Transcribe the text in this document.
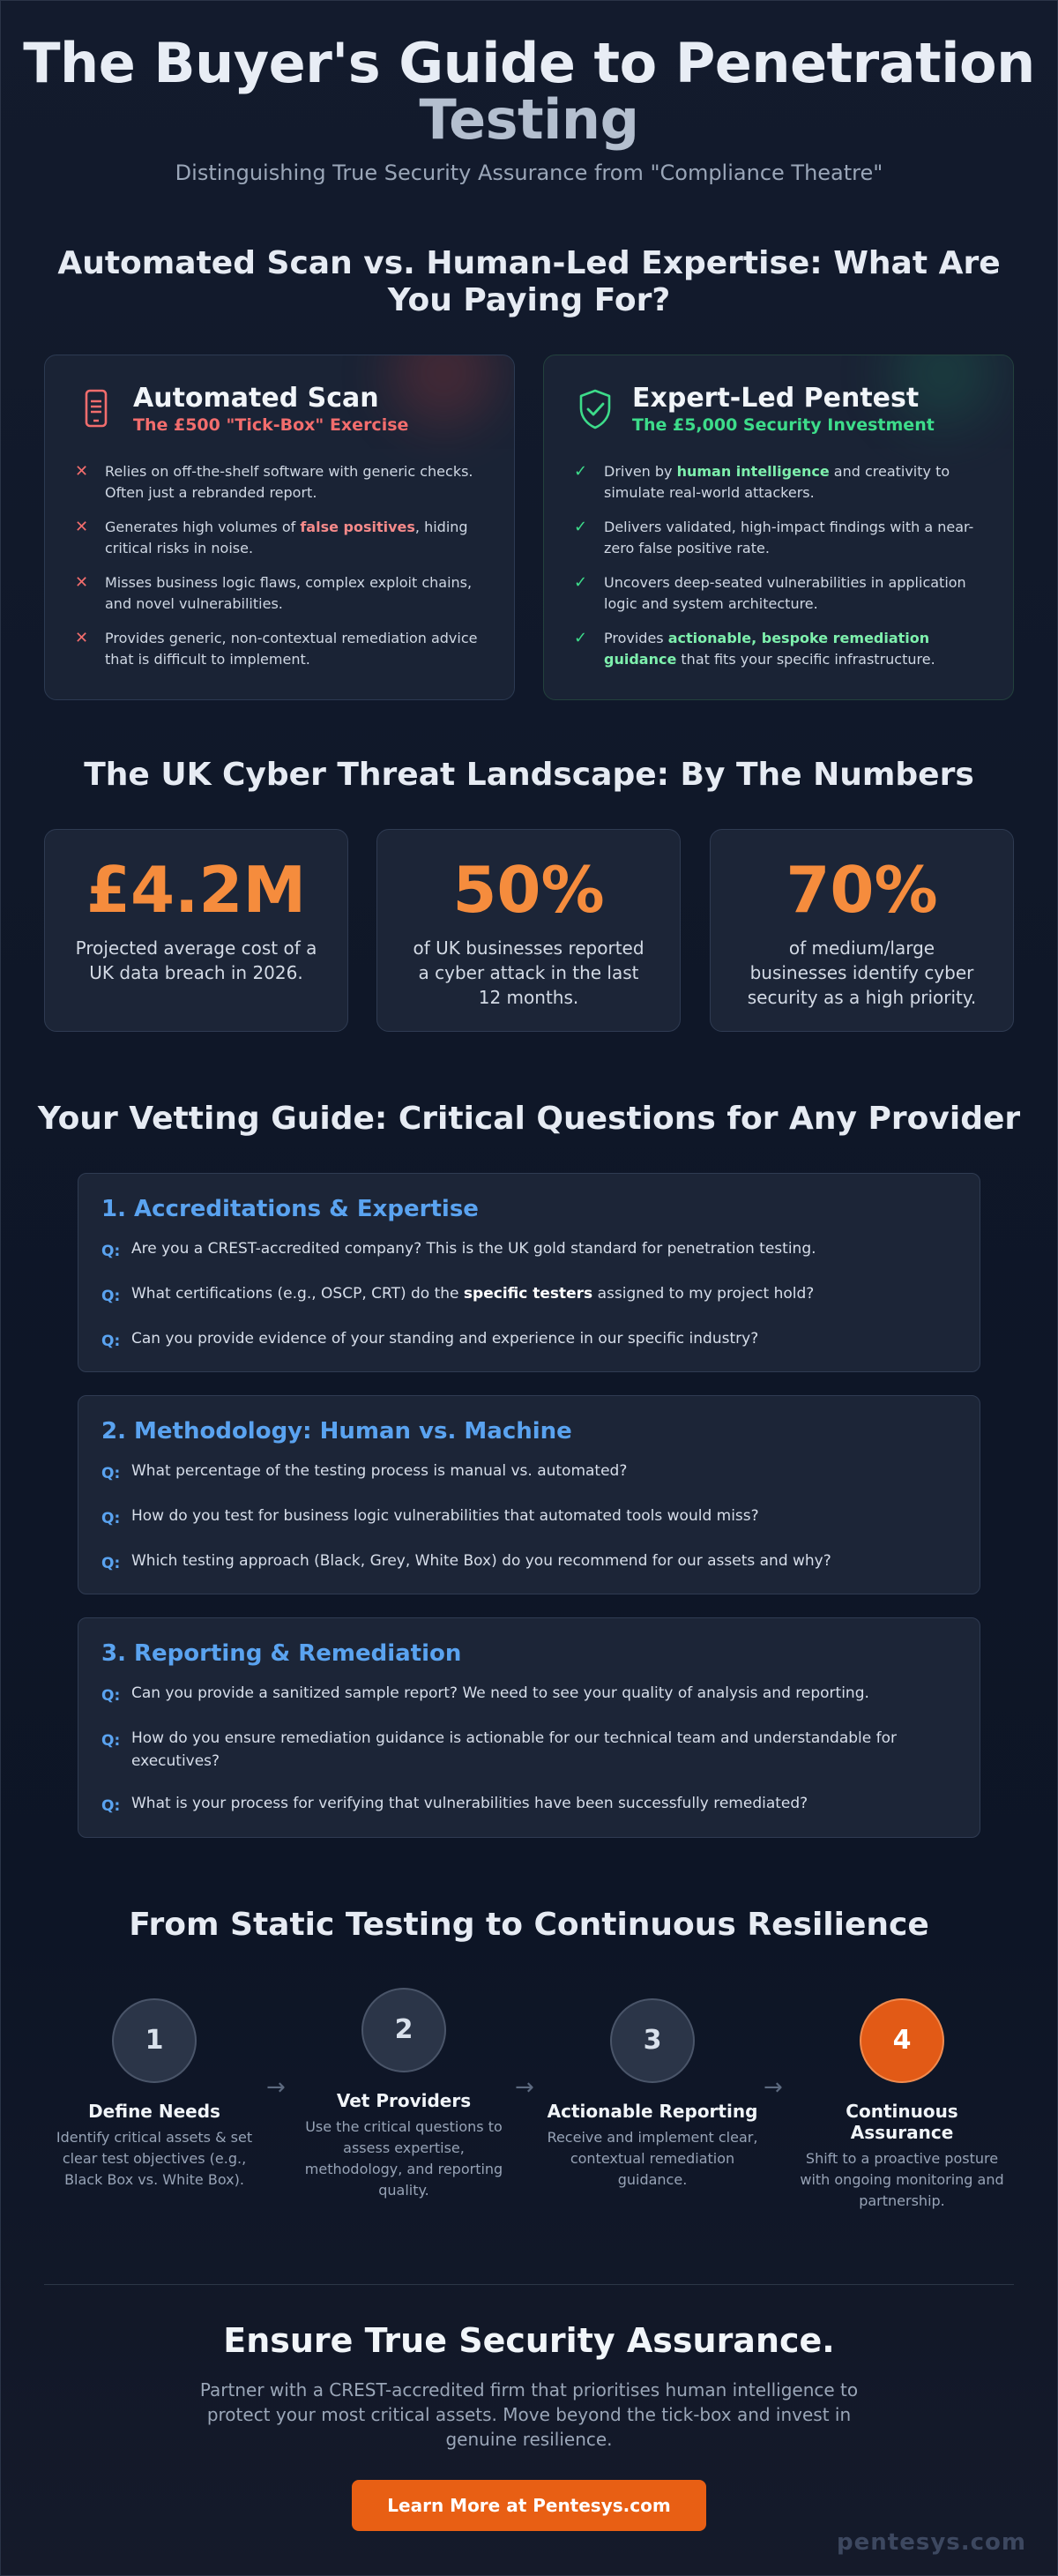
The Buyer's Guide to Penetration
Testing

Distinguishing True Security Assurance from "Compliance Theatre"

Automated Scan vs. Human-Led Expertise: What Are You Paying For?
Automated Scan
The £500 "Tick-Box" Exercise
✕	Relies on off-the-shelf software with generic checks. Often just a rebranded report.
✕	Generates high volumes of false positives, hiding critical risks in noise.
✕	Misses business logic flaws, complex exploit chains, and novel vulnerabilities.
✕	Provides generic, non-contextual remediation advice that is difficult to implement.
Expert-Led Pentest
The £5,000 Security Investment
✓	Driven by human intelligence and creativity to simulate real-world attackers.
✓	Delivers validated, high-impact findings with a near-zero false positive rate.
✓	Uncovers deep-seated vulnerabilities in application logic and system architecture.
✓	Provides actionable, bespoke remediation guidance that fits your specific infrastructure.
The UK Cyber Threat Landscape: By The Numbers
£4.2M
Projected average cost of a UK data breach in 2026.
50%
of UK businesses reported a cyber attack in the last 12 months.
70%
of medium/large businesses identify cyber security as a high priority.
Your Vetting Guide: Critical Questions for Any Provider
1. Accreditations & Expertise
Q: Are you a CREST-accredited company? This is the UK gold standard for penetration testing.
Q: What certifications (e.g., OSCP, CRT) do the specific testers assigned to my project hold?
Q: Can you provide evidence of your standing and experience in our specific industry?
2. Methodology: Human vs. Machine
Q: What percentage of the testing process is manual vs. automated?
Q: How do you test for business logic vulnerabilities that automated tools would miss?
Q: Which testing approach (Black, Grey, White Box) do you recommend for our assets and why?
3. Reporting & Remediation
Q: Can you provide a sanitized sample report? We need to see your quality of analysis and reporting.
Q: How do you ensure remediation guidance is actionable for our technical team and understandable for executives?
Q: What is your process for verifying that vulnerabilities have been successfully remediated?
From Static Testing to Continuous Resilience
1
Define Needs
Identify critical assets & set clear test objectives (e.g., Black Box vs. White Box).
→
2
Vet Providers
Use the critical questions to assess expertise, methodology, and reporting quality.
→
3
Actionable Reporting
Receive and implement clear, contextual remediation guidance.
→
4
Continuous Assurance
Shift to a proactive posture with ongoing monitoring and partnership.
Ensure True Security Assurance.

Partner with a CREST-accredited firm that prioritises human intelligence to protect your most critical assets. Move beyond the tick-box and invest in genuine resilience.

Learn More at Pentesys.com
pentesys.com
